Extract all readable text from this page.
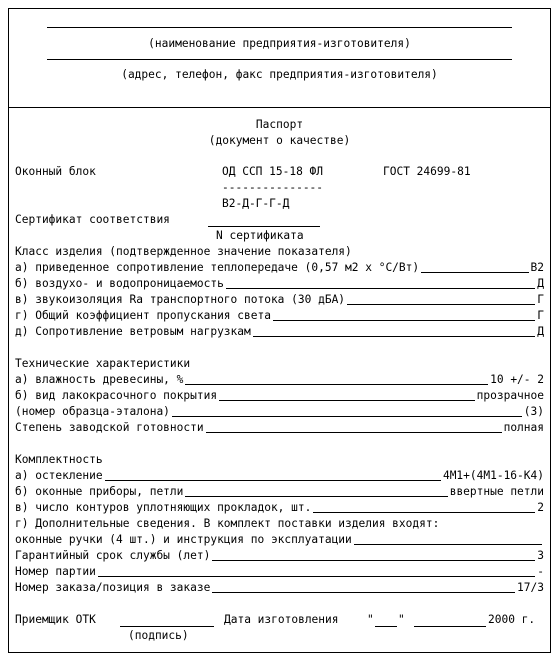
(наименование предприятия-изготовителя)
(адрес, телефон, факс предприятия-изготовителя)
Паспорт
(документ о качестве)
Оконный блок	ОД ССП 15-18 ФЛ	ГОСТ 24699-81
---------------
В2-Д-Г-Г-Д
Сертификат соответствия
N сертификата
Класс изделия (подтвержденное значение показателя)
а) приведенное сопротивление теплопередаче (0,57 м2 х °С/Вт)	В2
б) воздухо- и водопроницаемость	Д
в) звукоизоляция Ra транспортного потока (30 дБА)	Г
г) Общий коэффициент пропускания света	Г
д) Сопротивление ветровым нагрузкам	Д
Технические характеристики
а) влажность древесины, %	10 +/- 2
б) вид лакокрасочного покрытия	прозрачное
(номер образца-эталона)	(3)
Степень заводской готовности	полная
Комплектность
а) остекление	4М1+(4М1-16-К4)
б) оконные приборы, петли	ввертные петли
в) число контуров уплотняющих прокладок, шт.	2
г) Дополнительные сведения. В комплект поставки изделия входят:
оконные ручки (4 шт.) и инструкция по эксплуатации
Гарантийный срок службы (лет)	3
Номер партии	-
Номер заказа/позиция в заказе	17/3
Приемщик ОТК	Дата изготовления	" "	2000 г.
(подпись)
